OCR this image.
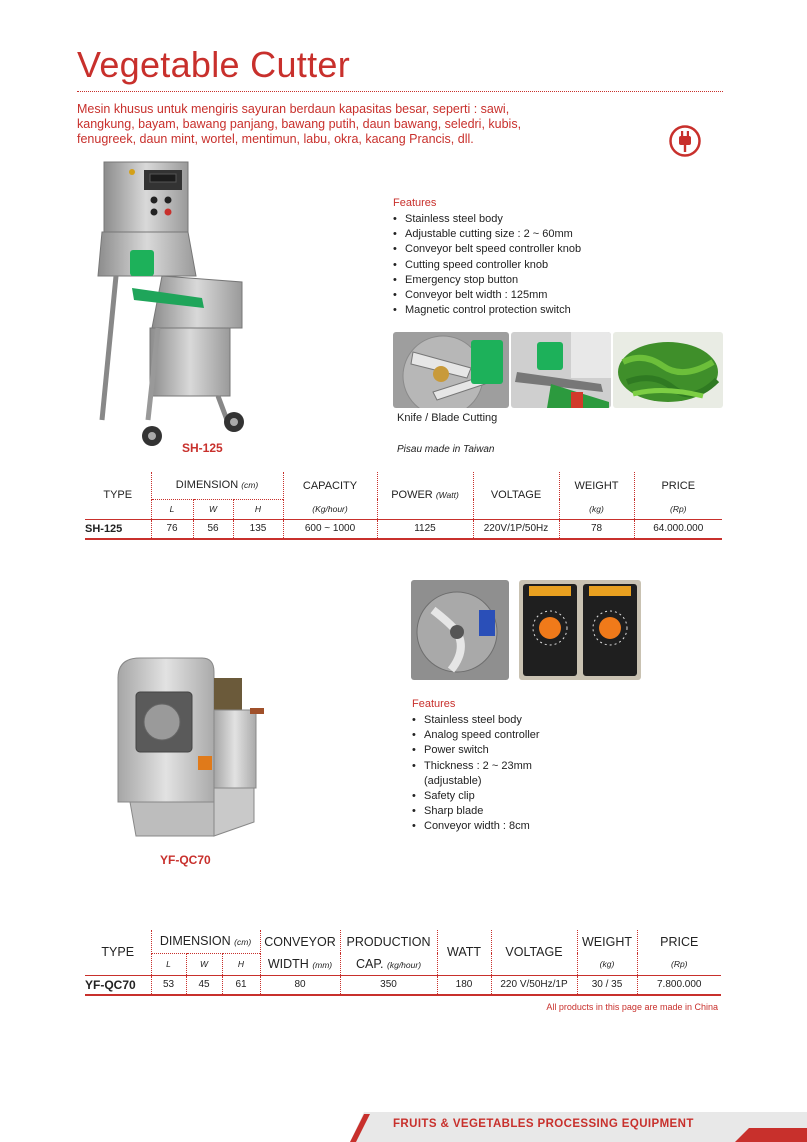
Vegetable Cutter
Mesin khusus untuk mengiris sayuran berdaun kapasitas besar, seperti : sawi, kangkung, bayam, bawang panjang, bawang putih, daun bawang, seledri, kubis, fenugreek, daun mint, wortel, mentimun, labu, okra, kacang Prancis, dll.
SH-125
Features
• Stainless steel body
• Adjustable cutting size : 2 ~ 60mm
• Conveyor belt speed controller knob
• Cutting speed controller knob
• Emergency stop button
• Conveyor belt width : 125mm
• Magnetic control protection switch
Knife / Blade Cutting
Pisau made in Taiwan
TYPE	DIMENSION (cm)			CAPACITY	POWER (Watt)	VOLTAGE	WEIGHT	PRICE
	L	W	H	(Kg/hour)			(kg)	(Rp)
SH-125	76	56	135	600 ~ 1000	1125	220V/1P/50Hz	78	64.000.000
YF-QC70
Features
• Stainless steel body
• Analog speed controller
• Power switch
• Thickness : 2 ~ 23mm (adjustable)
• Safety clip
• Sharp blade
• Conveyor width : 8cm
TYPE	DIMENSION (cm)			CONVEYOR	PRODUCTION	WATT	VOLTAGE	WEIGHT	PRICE
	L	W	H	WIDTH (mm)	CAP. (kg/hour)			(kg)	(Rp)
YF-QC70	53	45	61	80	350	180	220 V/50Hz/1P	30 / 35	7.800.000
All products in this page are made in China
FRUITS & VEGETABLES PROCESSING EQUIPMENT
